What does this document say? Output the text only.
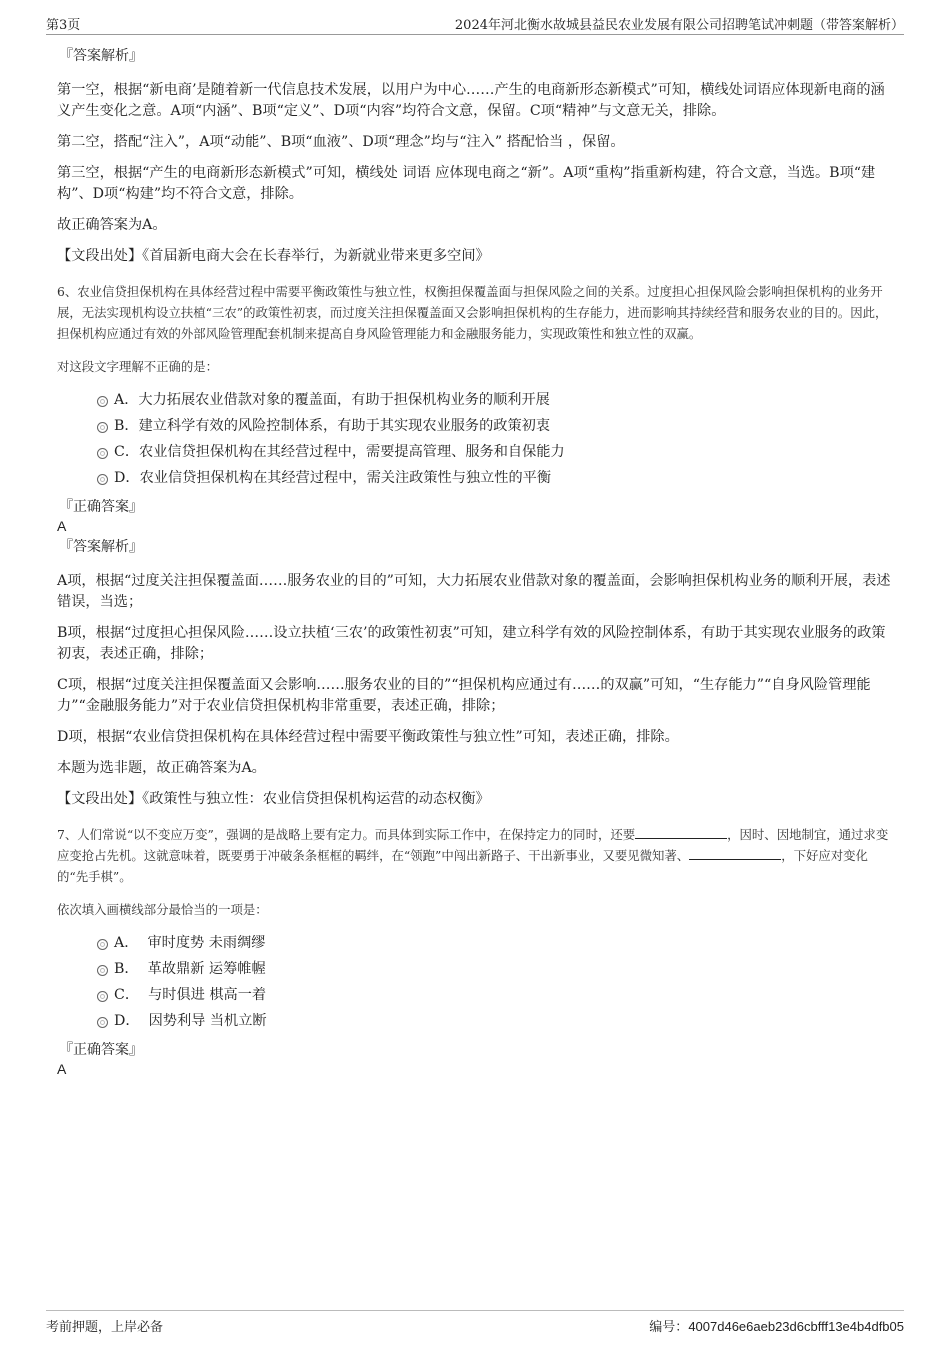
第3页	2024年河北衡水故城县益民农业发展有限公司招聘笔试冲刺题（带答案解析）
『答案解析』

第一空，根据“新电商’是随着新一代信息技术发展，以用户为中心……产生的电商新形态新模式”可知，横线处词语应体现新电商的涵义产生变化之意。A项“内涵”、B项“定义”、D项“内容”均符合文意，保留。C项“精神”与文意无关，排除。

第二空，搭配“注入”，A项“动能”、B项“血液”、D项“理念”均与“注入” 搭配恰当 ，保留。

第三空，根据“产生的电商新形态新模式”可知，横线处 词语 应体现电商之“新”。A项“重构”指重新构建，符合文意，当选。B项“建构”、D项“构建”均不符合文意，排除。

故正确答案为A。

【文段出处】《首届新电商大会在长春举行，为新就业带来更多空间》

6、农业信贷担保机构在具体经营过程中需要平衡政策性与独立性，权衡担保覆盖面与担保风险之间的关系。过度担心担保风险会影响担保机构的业务开展，无法实现机构设立扶植“三农”的政策性初衷，而过度关注担保覆盖面又会影响担保机构的生存能力，进而影响其持续经营和服务农业的目的。因此，担保机构应通过有效的外部风险管理配套机制来提高自身风险管理能力和金融服务能力，实现政策性和独立性的双赢。

对这段文字理解不正确的是：

A．大力拓展农业借款对象的覆盖面，有助于担保机构业务的顺利开展
B．建立科学有效的风险控制体系，有助于其实现农业服务的政策初衷
C．农业信贷担保机构在其经营过程中，需要提高管理、服务和自保能力
D．农业信贷担保机构在其经营过程中，需关注政策性与独立性的平衡
『正确答案』
A
『答案解析』

A项，根据“过度关注担保覆盖面……服务农业的目的”可知，大力拓展农业借款对象的覆盖面，会影响担保机构业务的顺利开展，表述错误，当选；

B项，根据“过度担心担保风险……设立扶植‘三农’的政策性初衷”可知，建立科学有效的风险控制体系，有助于其实现农业服务的政策初衷，表述正确，排除；

C项，根据“过度关注担保覆盖面又会影响……服务农业的目的”“担保机构应通过有……的双赢”可知，“生存能力”“自身风险管理能力”“金融服务能力”对于农业信贷担保机构非常重要，表述正确，排除；

D项，根据“农业信贷担保机构在具体经营过程中需要平衡政策性与独立性”可知，表述正确，排除。

本题为选非题，故正确答案为A。

【文段出处】《政策性与独立性：农业信贷担保机构运营的动态权衡》

7、人们常说“以不变应万变”，强调的是战略上要有定力。而具体到实际工作中，在保持定力的同时，还要	，因时、因地制宜，通过求变应变抢占先机。这就意味着，既要勇于冲破条条框框的羁绊，在“领跑”中闯出新路子、干出新事业，又要见微知著、	，下好应对变化的“先手棋”。

依次填入画横线部分最恰当的一项是：

A．  审时度势 未雨绸缪
B．  革故鼎新 运筹帷幄
C．  与时俱进 棋高一着
D．  因势利导 当机立断
『正确答案』
A
考前押题，上岸必备	编号：4007d46e6aeb23d6cbfff13e4b4dfb05
